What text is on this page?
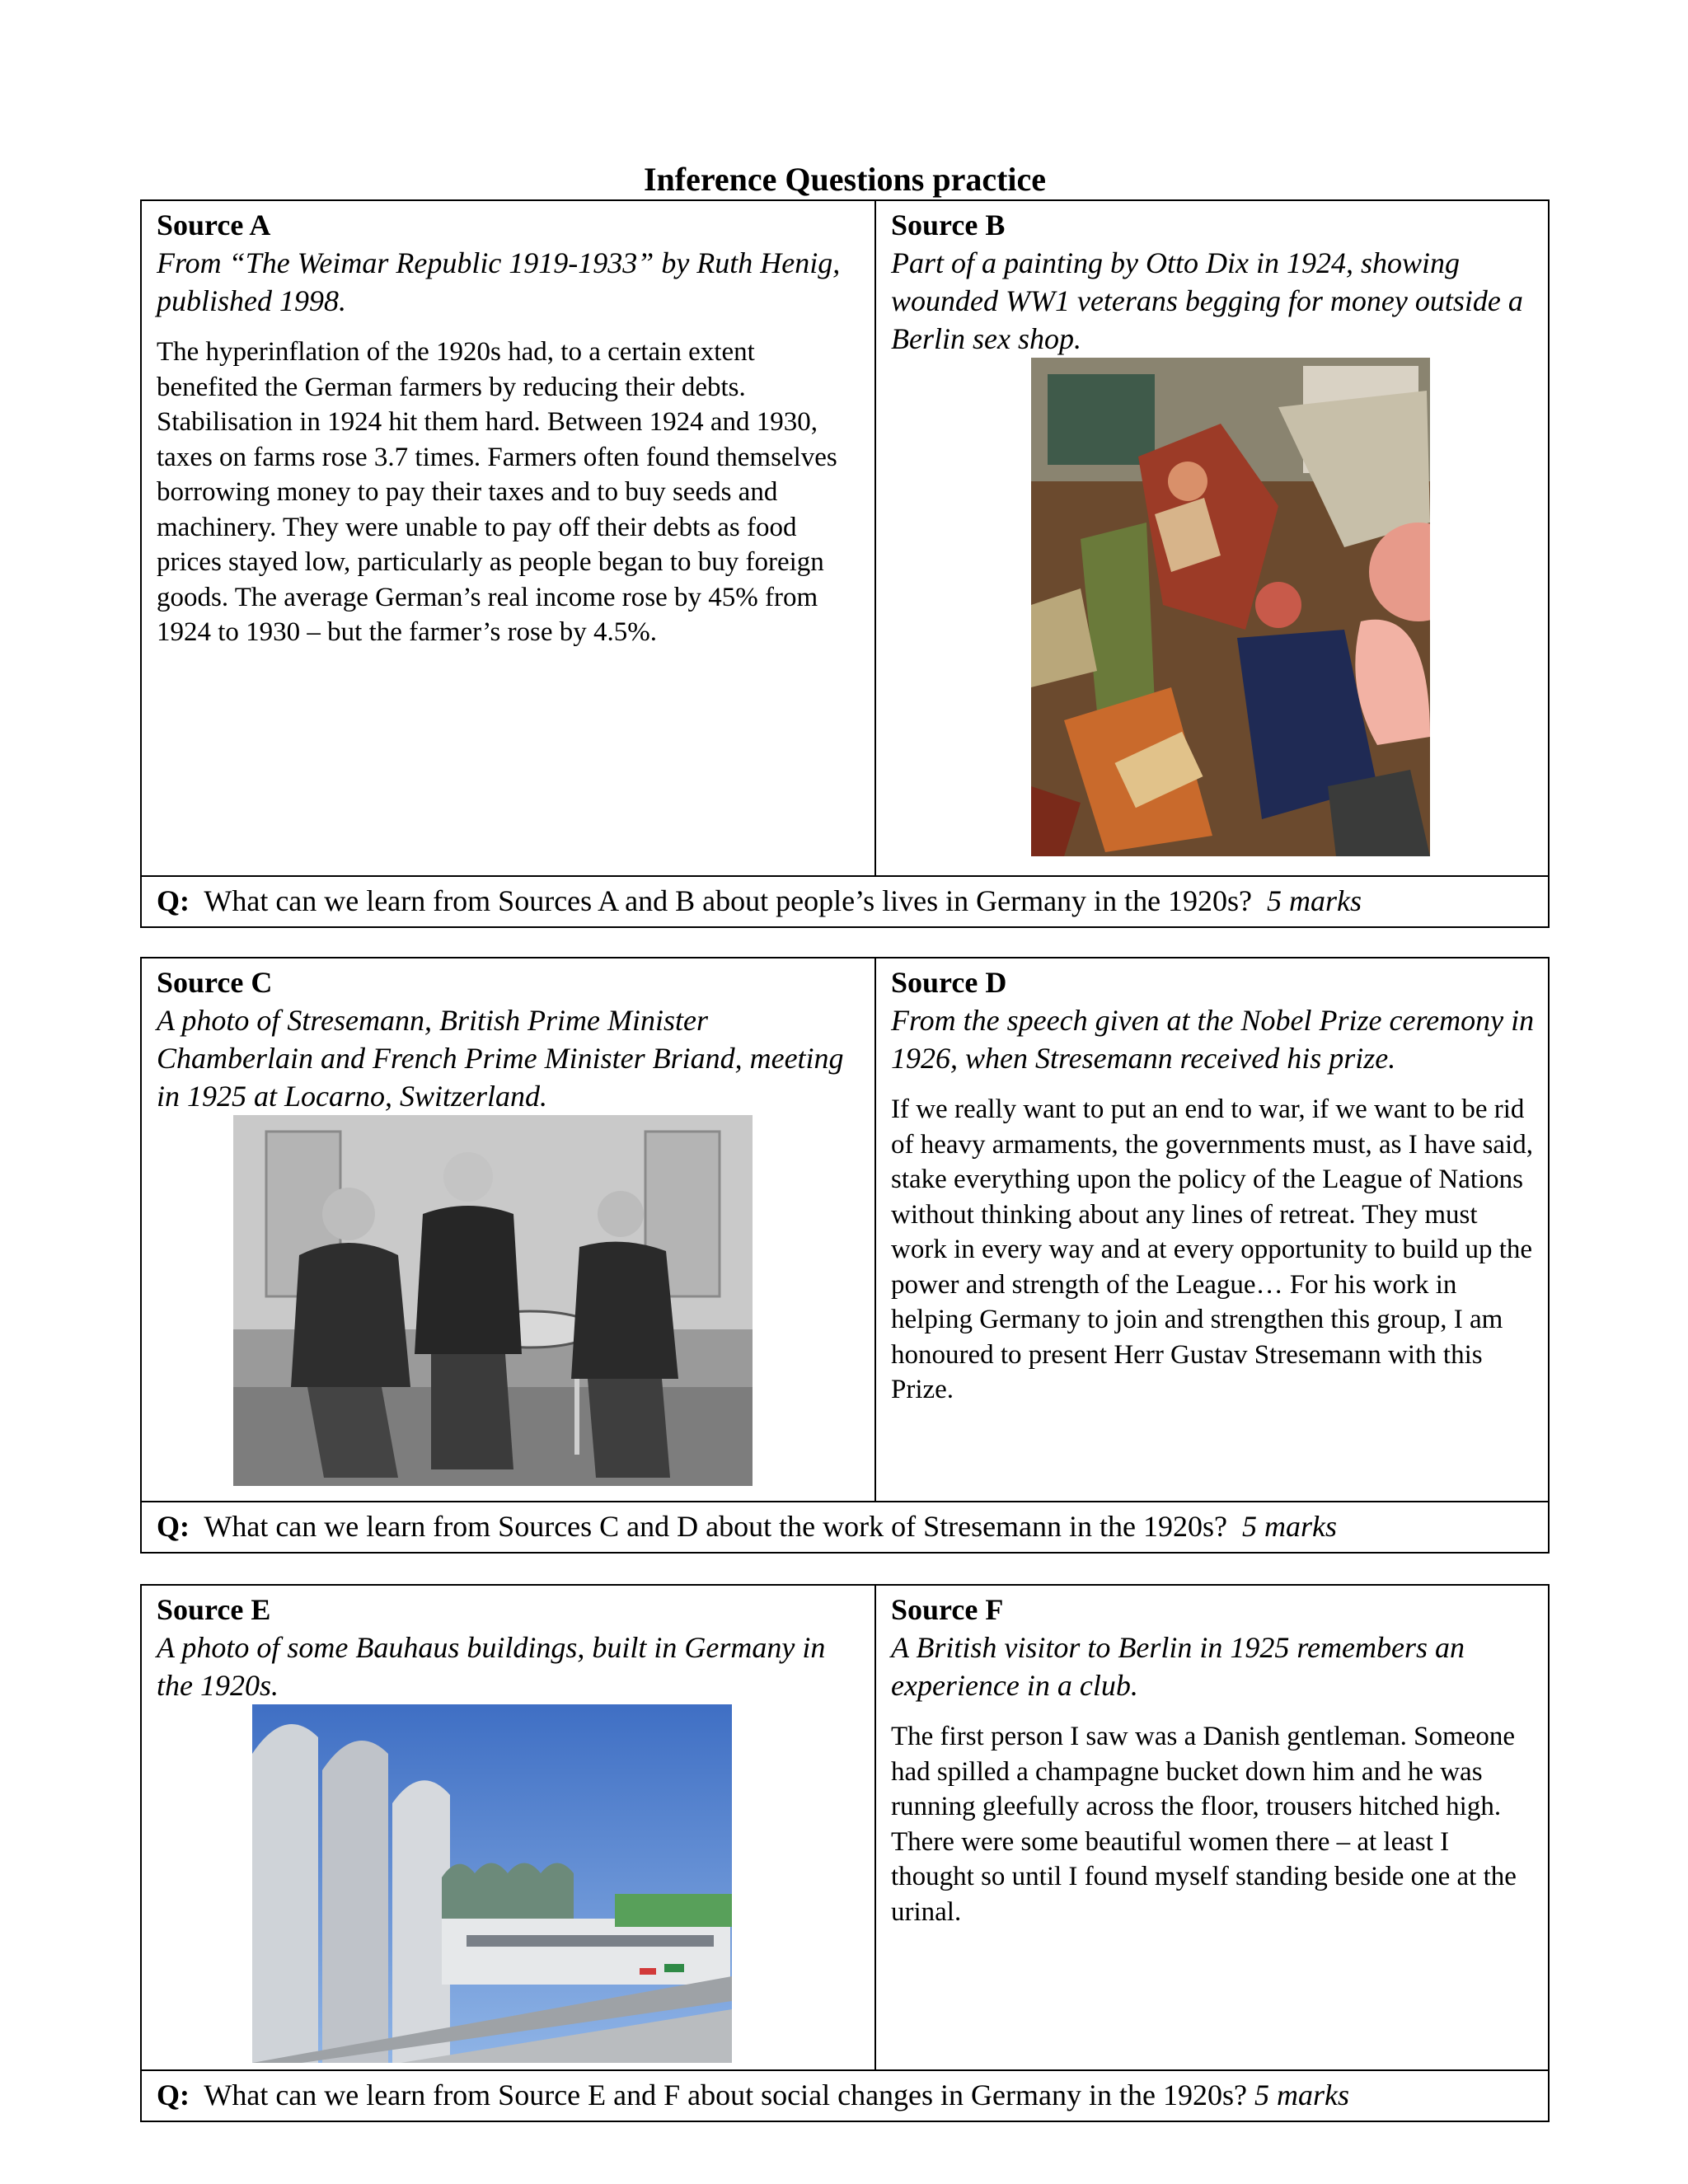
Inference Questions practice
Source A
From “The Weimar Republic 1919-1933” by Ruth Henig, published 1998.
The hyperinflation of the 1920s had, to a certain extent benefited the German farmers by reducing their debts. Stabilisation in 1924 hit them hard. Between 1924 and 1930, taxes on farms rose 3.7 times. Farmers often found themselves borrowing money to pay their taxes and to buy seeds and machinery. They were unable to pay off their debts as food prices stayed low, particularly as people began to buy foreign goods. The average German’s real income rose by 45% from 1924 to 1930 – but the farmer’s rose by 4.5%.

Source B
Part of a painting by Otto Dix in 1924, showing wounded WW1 veterans begging for money outside a Berlin sex shop.

Q: What can we learn from Sources A and B about people’s lives in Germany in the 1920s? 5 marks
Source C
A photo of Stresemann, British Prime Minister Chamberlain and French Prime Minister Briand, meeting in 1925 at Locarno, Switzerland.

Source D
From the speech given at the Nobel Prize ceremony in 1926, when Stresemann received his prize.
If we really want to put an end to war, if we want to be rid of heavy armaments, the governments must, as I have said, stake everything upon the policy of the League of Nations without thinking about any lines of retreat. They must work in every way and at every opportunity to build up the power and strength of the League… For his work in helping Germany to join and strengthen this group, I am honoured to present Herr Gustav Stresemann with this Prize.

Q: What can we learn from Sources C and D about the work of Stresemann in the 1920s? 5 marks
Source E
A photo of some Bauhaus buildings, built in Germany in the 1920s.

Source F
A British visitor to Berlin in 1925 remembers an experience in a club.
The first person I saw was a Danish gentleman. Someone had spilled a champagne bucket down him and he was running gleefully across the floor, trousers hitched high. There were some beautiful women there – at least I thought so until I found myself standing beside one at the urinal.

Q: What can we learn from Source E and F about social changes in Germany in the 1920s? 5 marks
